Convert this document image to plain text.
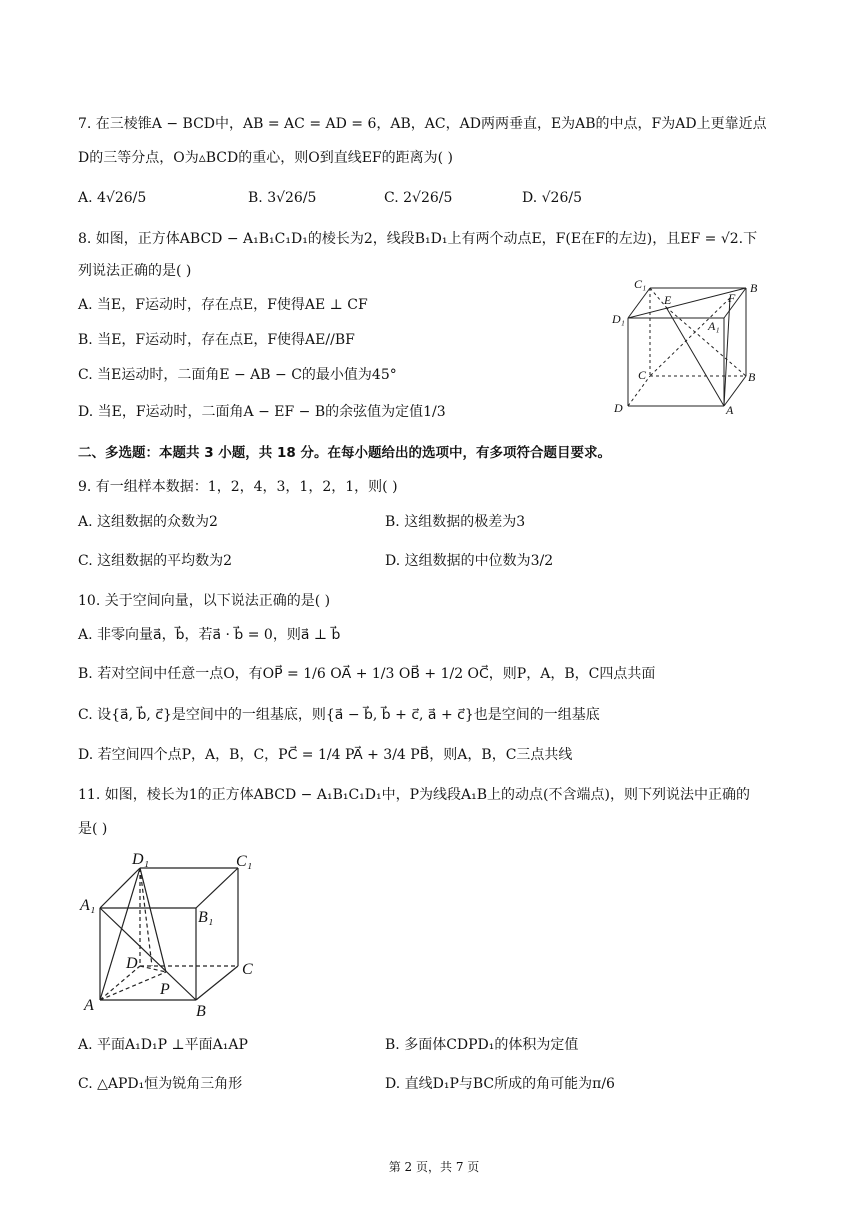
7. 在三棱锥A − BCD中，AB = AC = AD = 6，AB，AC，AD两两垂直，E为AB的中点，F为AD上更靠近点
D的三等分点，O为▵BCD的重心，则O到直线EF的距离为( )
A. 4√26/5	B. 3√26/5	C. 2√26/5	D. √26/5
8. 如图，正方体ABCD − A₁B₁C₁D₁的棱长为2，线段B₁D₁上有两个动点E，F(E在F的左边)，且EF = √2.下
列说法正确的是( )
A. 当E，F运动时，存在点E，F使得AE ⊥ CF
B. 当E，F运动时，存在点E，F使得AE//BF
C. 当E运动时，二面角E − AB − C的最小值为45°
D. 当E，F运动时，二面角A − EF − B的余弦值为定值1/3
C₁
E	F
B
D₁	A₁
C	B
D	A
二、多选题：本题共 3 小题，共 18 分。在每小题给出的选项中，有多项符合题目要求。
9. 有一组样本数据：1，2，4，3，1，2，1，则( )
A. 这组数据的众数为2	B. 这组数据的极差为3
C. 这组数据的平均数为2	D. 这组数据的中位数为3/2
10. 关于空间向量，以下说法正确的是( )
A. 非零向量a⃗，b⃗，若a⃗ · b⃗ = 0，则a⃗ ⊥ b⃗
B. 若对空间中任意一点O，有OP⃗ = 1/6 OA⃗ + 1/3 OB⃗ + 1/2 OC⃗，则P，A，B，C四点共面
C. 设{a⃗, b⃗, c⃗}是空间中的一组基底，则{a⃗ − b⃗, b⃗ + c⃗, a⃗ + c⃗}也是空间的一组基底
D. 若空间四个点P，A，B，C，PC⃗ = 1/4 PA⃗ + 3/4 PB⃗，则A，B，C三点共线
11. 如图，棱长为1的正方体ABCD − A₁B₁C₁D₁中，P为线段A₁B上的动点(不含端点)，则下列说法中正确的
是( )
D₁	C₁
A₁
B₁
D	C
P
A	B
A. 平面A₁D₁P ⊥平面A₁AP	B. 多面体CDPD₁的体积为定值
C. △APD₁恒为锐角三角形	D. 直线D₁P与BC所成的角可能为π/6
第 2 页，共 7 页
